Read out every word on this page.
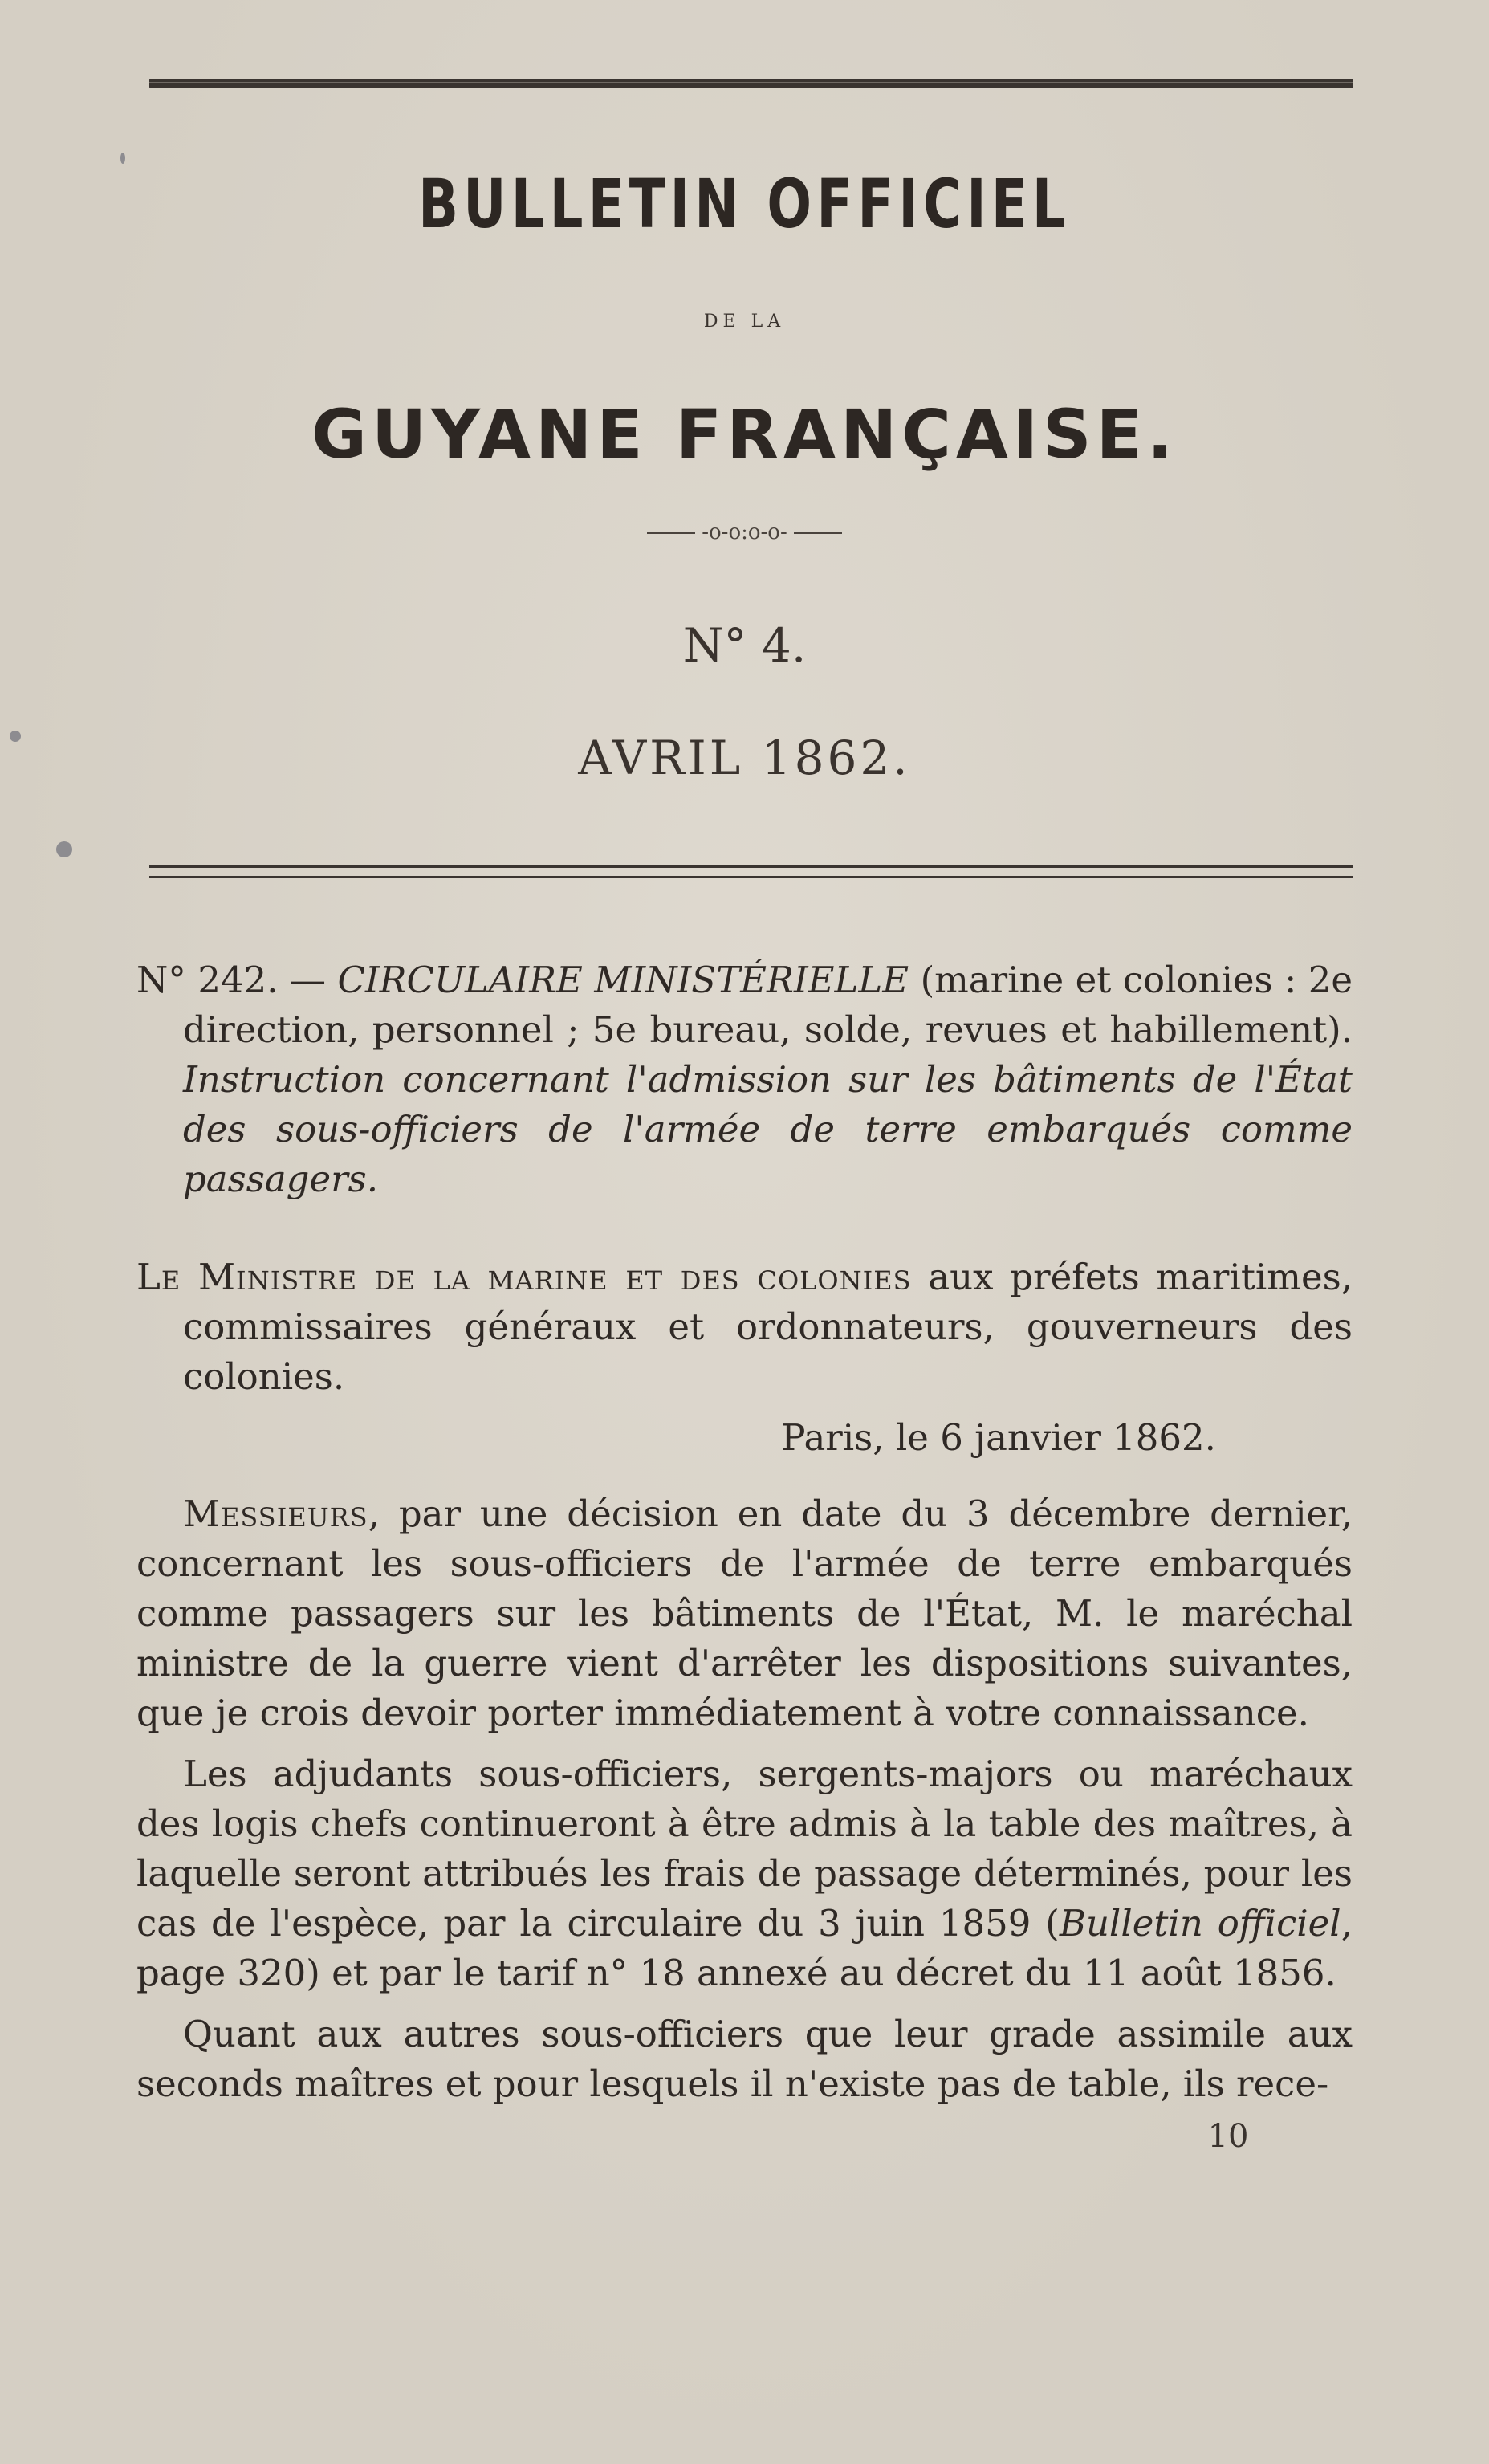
BULLETIN OFFICIEL
DE LA
GUYANE FRANÇAISE.
-o-o:o-o-
N° 4.
AVRIL 1862.

N° 242. — CIRCULAIRE MINISTÉRIELLE (marine et colonies : 2e direction, personnel ; 5e bureau, solde, revues et habillement). Instruction concernant l'admission sur les bâtiments de l'État des sous-officiers de l'armée de terre embarqués comme passagers.

Le Ministre de la marine et des colonies aux préfets maritimes, commissaires généraux et ordonnateurs, gouverneurs des colonies.

Paris, le 6 janvier 1862.

Messieurs, par une décision en date du 3 décembre dernier, concernant les sous-officiers de l'armée de terre embarqués comme passagers sur les bâtiments de l'État, M. le maréchal ministre de la guerre vient d'arrêter les dispositions suivantes, que je crois devoir porter immédiatement à votre connaissance.

Les adjudants sous-officiers, sergents-majors ou maréchaux des logis chefs continueront à être admis à la table des maîtres, à laquelle seront attribués les frais de passage déterminés, pour les cas de l'espèce, par la circulaire du 3 juin 1859 (Bulletin officiel, page 320) et par le tarif n° 18 annexé au décret du 11 août 1856.

Quant aux autres sous-officiers que leur grade assimile aux seconds maîtres et pour lesquels il n'existe pas de table, ils rece-

10
